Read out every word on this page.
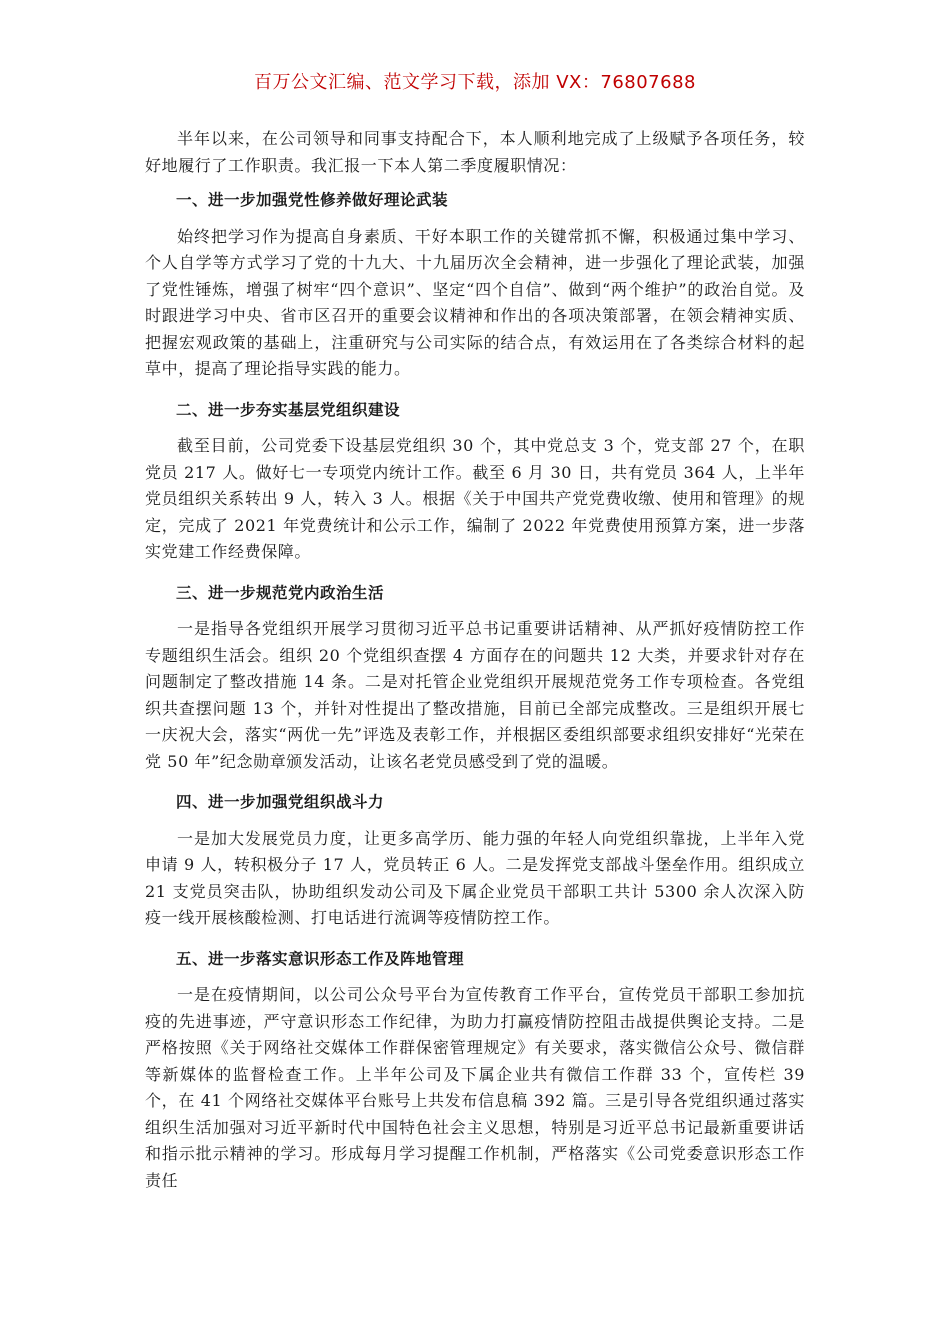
百万公文汇编、范文学习下载，添加 VX：76807688

半年以来，在公司领导和同事支持配合下，本人顺利地完成了上级赋予各项任务，较好地履行了工作职责。我汇报一下本人第二季度履职情况：

一、进一步加强党性修养做好理论武装

始终把学习作为提高自身素质、干好本职工作的关键常抓不懈，积极通过集中学习、个人自学等方式学习了党的十九大、十九届历次全会精神，进一步强化了理论武装，加强了党性锤炼，增强了树牢“四个意识”、坚定“四个自信”、做到“两个维护”的政治自觉。及时跟进学习中央、省市区召开的重要会议精神和作出的各项决策部署，在领会精神实质、把握宏观政策的基础上，注重研究与公司实际的结合点，有效运用在了各类综合材料的起草中，提高了理论指导实践的能力。

二、进一步夯实基层党组织建设

截至目前，公司党委下设基层党组织 30 个，其中党总支 3 个，党支部 27 个，在职党员 217 人。做好七一专项党内统计工作。截至 6 月 30 日，共有党员 364 人，上半年党员组织关系转出 9 人，转入 3 人。根据《关于中国共产党党费收缴、使用和管理》的规定，完成了 2021 年党费统计和公示工作，编制了 2022 年党费使用预算方案，进一步落实党建工作经费保障。

三、进一步规范党内政治生活

一是指导各党组织开展学习贯彻习近平总书记重要讲话精神、从严抓好疫情防控工作专题组织生活会。组织 20 个党组织查摆 4 方面存在的问题共 12 大类，并要求针对存在问题制定了整改措施 14 条。二是对托管企业党组织开展规范党务工作专项检查。各党组织共查摆问题 13 个，并针对性提出了整改措施，目前已全部完成整改。三是组织开展七一庆祝大会，落实“两优一先”评选及表彰工作，并根据区委组织部要求组织安排好“光荣在党 50 年”纪念勋章颁发活动，让该名老党员感受到了党的温暖。

四、进一步加强党组织战斗力

一是加大发展党员力度，让更多高学历、能力强的年轻人向党组织靠拢，上半年入党申请 9 人，转积极分子 17 人，党员转正 6 人。二是发挥党支部战斗堡垒作用。组织成立 21 支党员突击队，协助组织发动公司及下属企业党员干部职工共计 5300 余人次深入防疫一线开展核酸检测、打电话进行流调等疫情防控工作。

五、进一步落实意识形态工作及阵地管理

一是在疫情期间，以公司公众号平台为宣传教育工作平台，宣传党员干部职工参加抗疫的先进事迹，严守意识形态工作纪律，为助力打赢疫情防控阻击战提供舆论支持。二是严格按照《关于网络社交媒体工作群保密管理规定》有关要求，落实微信公众号、微信群等新媒体的监督检查工作。上半年公司及下属企业共有微信工作群 33 个，宣传栏 39 个，在 41 个网络社交媒体平台账号上共发布信息稿 392 篇。三是引导各党组织通过落实组织生活加强对习近平新时代中国特色社会主义思想，特别是习近平总书记最新重要讲话和指示批示精神的学习。形成每月学习提醒工作机制，严格落实《公司党委意识形态工作责任
